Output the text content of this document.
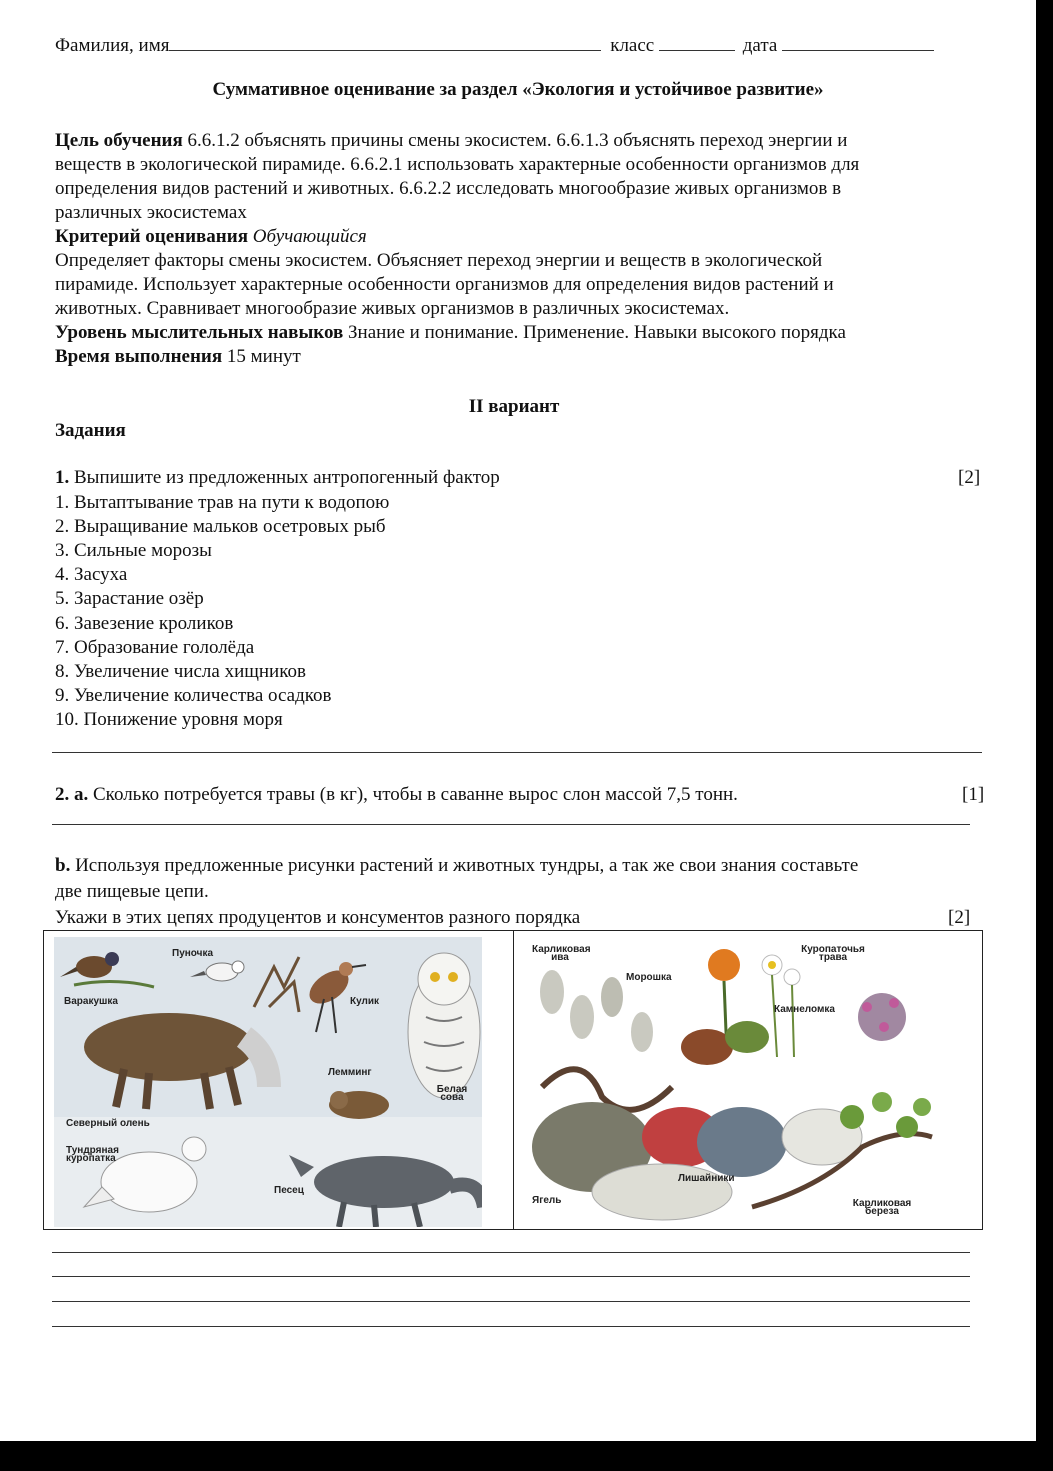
Фамилия, имя	класс	дата
Суммативное оценивание за раздел «Экология и устойчивое развитие»
Цель обучения 6.6.1.2 объяснять причины смены экосистем. 6.6.1.3 объяснять переход энергии и
веществ в экологической пирамиде. 6.6.2.1 использовать характерные особенности организмов для
определения видов растений и животных. 6.6.2.2 исследовать многообразие живых организмов в
различных экосистемах
Критерий оценивания Обучающийся
Определяет факторы смены экосистем. Объясняет переход энергии и веществ в экологической
пирамиде. Использует характерные особенности организмов для определения видов растений и
животных. Сравнивает многообразие живых организмов в различных экосистемах.
Уровень мыслительных навыков Знание и понимание. Применение. Навыки высокого порядка
Время выполнения 15 минут
II вариант
Задания
1. Выпишите из предложенных антропогенный фактор	[2]
1. Вытаптывание трав на пути к водопою
2. Выращивание мальков осетровых рыб
3. Сильные морозы
4. Засуха
5. Зарастание озёр
6. Завезение кроликов
7. Образование гололёда
8. Увеличение числа хищников
9. Увеличение количества осадков
10. Понижение уровня моря
2. а. Сколько потребуется травы (в кг), чтобы в саванне вырос слон массой 7,5 тонн.	[1]
b. Используя предложенные рисунки растений и животных тундры, а так же свои знания составьте
две пищевые цепи.
Укажи в этих цепях продуцентов и консументов разного порядка	[2]
Пуночка
Варакушка	Кулик
Лемминг
Белая
сова
Северный олень
Тундряная
куропатка
Песец
Карликовая
ива
Морошка
Куропаточья
трава
Камнеломка
Лишайники
Ягель	Карликовая
береза
